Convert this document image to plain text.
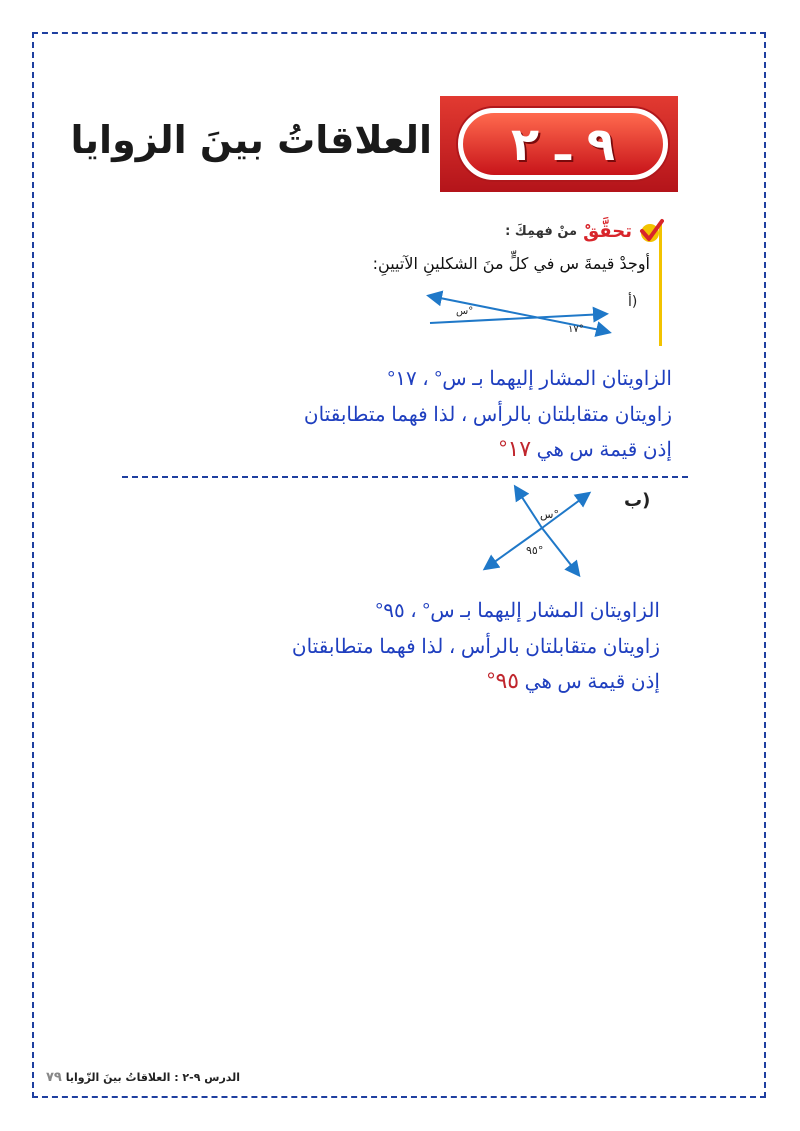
٩ ـ ٢
العلاقاتُ بينَ الزوايا
تحقَّقْ
منْ فهمِكَ :
أوجدْ قيمةَ س في كلٍّ منَ الشكلينِ الآتيينِ:
أ)
س°
١٧°
الزاويتان المشار إليهما بـ س° ، ١٧°
زاويتان متقابلتان بالرأس ، لذا فهما متطابقتان
إذن قيمة س هي ١٧°
ب)
س°
٩٥°
الزاويتان المشار إليهما بـ س° ، ٩٥°
زاويتان متقابلتان بالرأس ، لذا فهما متطابقتان
إذن قيمة س هي ٩٥°
الدرس ٩-٢ : العلاقاتُ بينَ الزّوايا ٧٩
